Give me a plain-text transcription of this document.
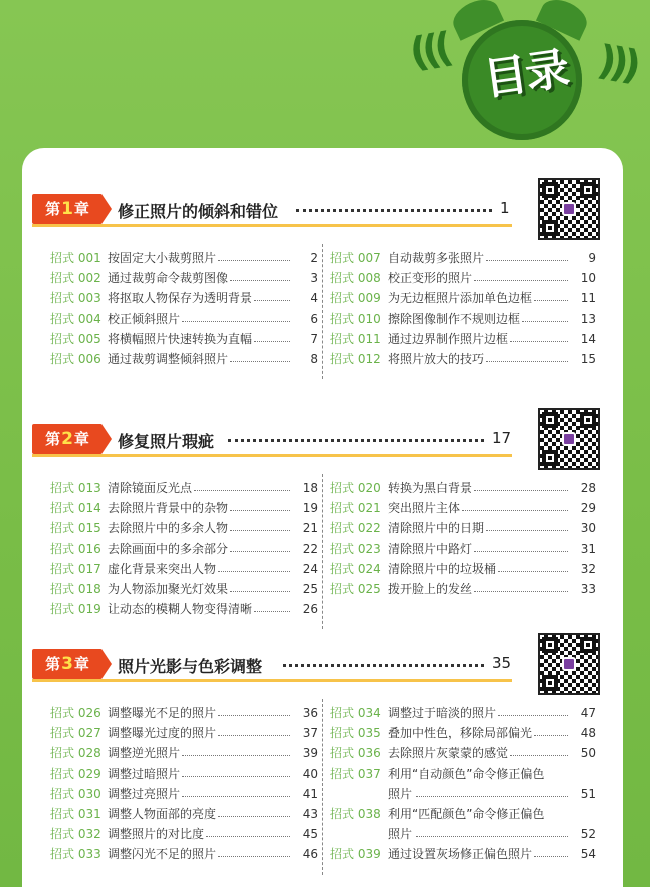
(((	)))
目录
第1章	修正照片的倾斜和错位	1
招式 001 按固定大小裁剪照片	2
招式 002 通过裁剪命令裁剪图像	3
招式 003 将抠取人物保存为透明背景	4
招式 004 校正倾斜照片	6
招式 005 将横幅照片快速转换为直幅	7
招式 006 通过裁剪调整倾斜照片	8
招式 007 自动裁剪多张照片	9
招式 008 校正变形的照片	10
招式 009 为无边框照片添加单色边框	11
招式 010 擦除图像制作不规则边框	13
招式 011 通过边界制作照片边框	14
招式 012 将照片放大的技巧	15
第2章	修复照片瑕疵	17
招式 013 清除镜面反光点	18
招式 014 去除照片背景中的杂物	19
招式 015 去除照片中的多余人物	21
招式 016 去除画面中的多余部分	22
招式 017 虚化背景来突出人物	24
招式 018 为人物添加聚光灯效果	25
招式 019 让动态的模糊人物变得清晰	26
招式 020 转换为黑白背景	28
招式 021 突出照片主体	29
招式 022 清除照片中的日期	30
招式 023 清除照片中路灯	31
招式 024 清除照片中的垃圾桶	32
招式 025 拨开脸上的发丝	33
第3章	照片光影与色彩调整	35
招式 026 调整曝光不足的照片	36
招式 027 调整曝光过度的照片	37
招式 028 调整逆光照片	39
招式 029 调整过暗照片	40
招式 030 调整过亮照片	41
招式 031 调整人物面部的亮度	43
招式 032 调整照片的对比度	45
招式 033 调整闪光不足的照片	46
招式 034 调整过于暗淡的照片	47
招式 035 叠加中性色，移除局部偏光	48
招式 036 去除照片灰蒙蒙的感觉	50
招式 037 利用“自动颜色”命令修正偏色
照片	51
招式 038 利用“匹配颜色”命令修正偏色
照片	52
招式 039 通过设置灰场修正偏色照片	54
